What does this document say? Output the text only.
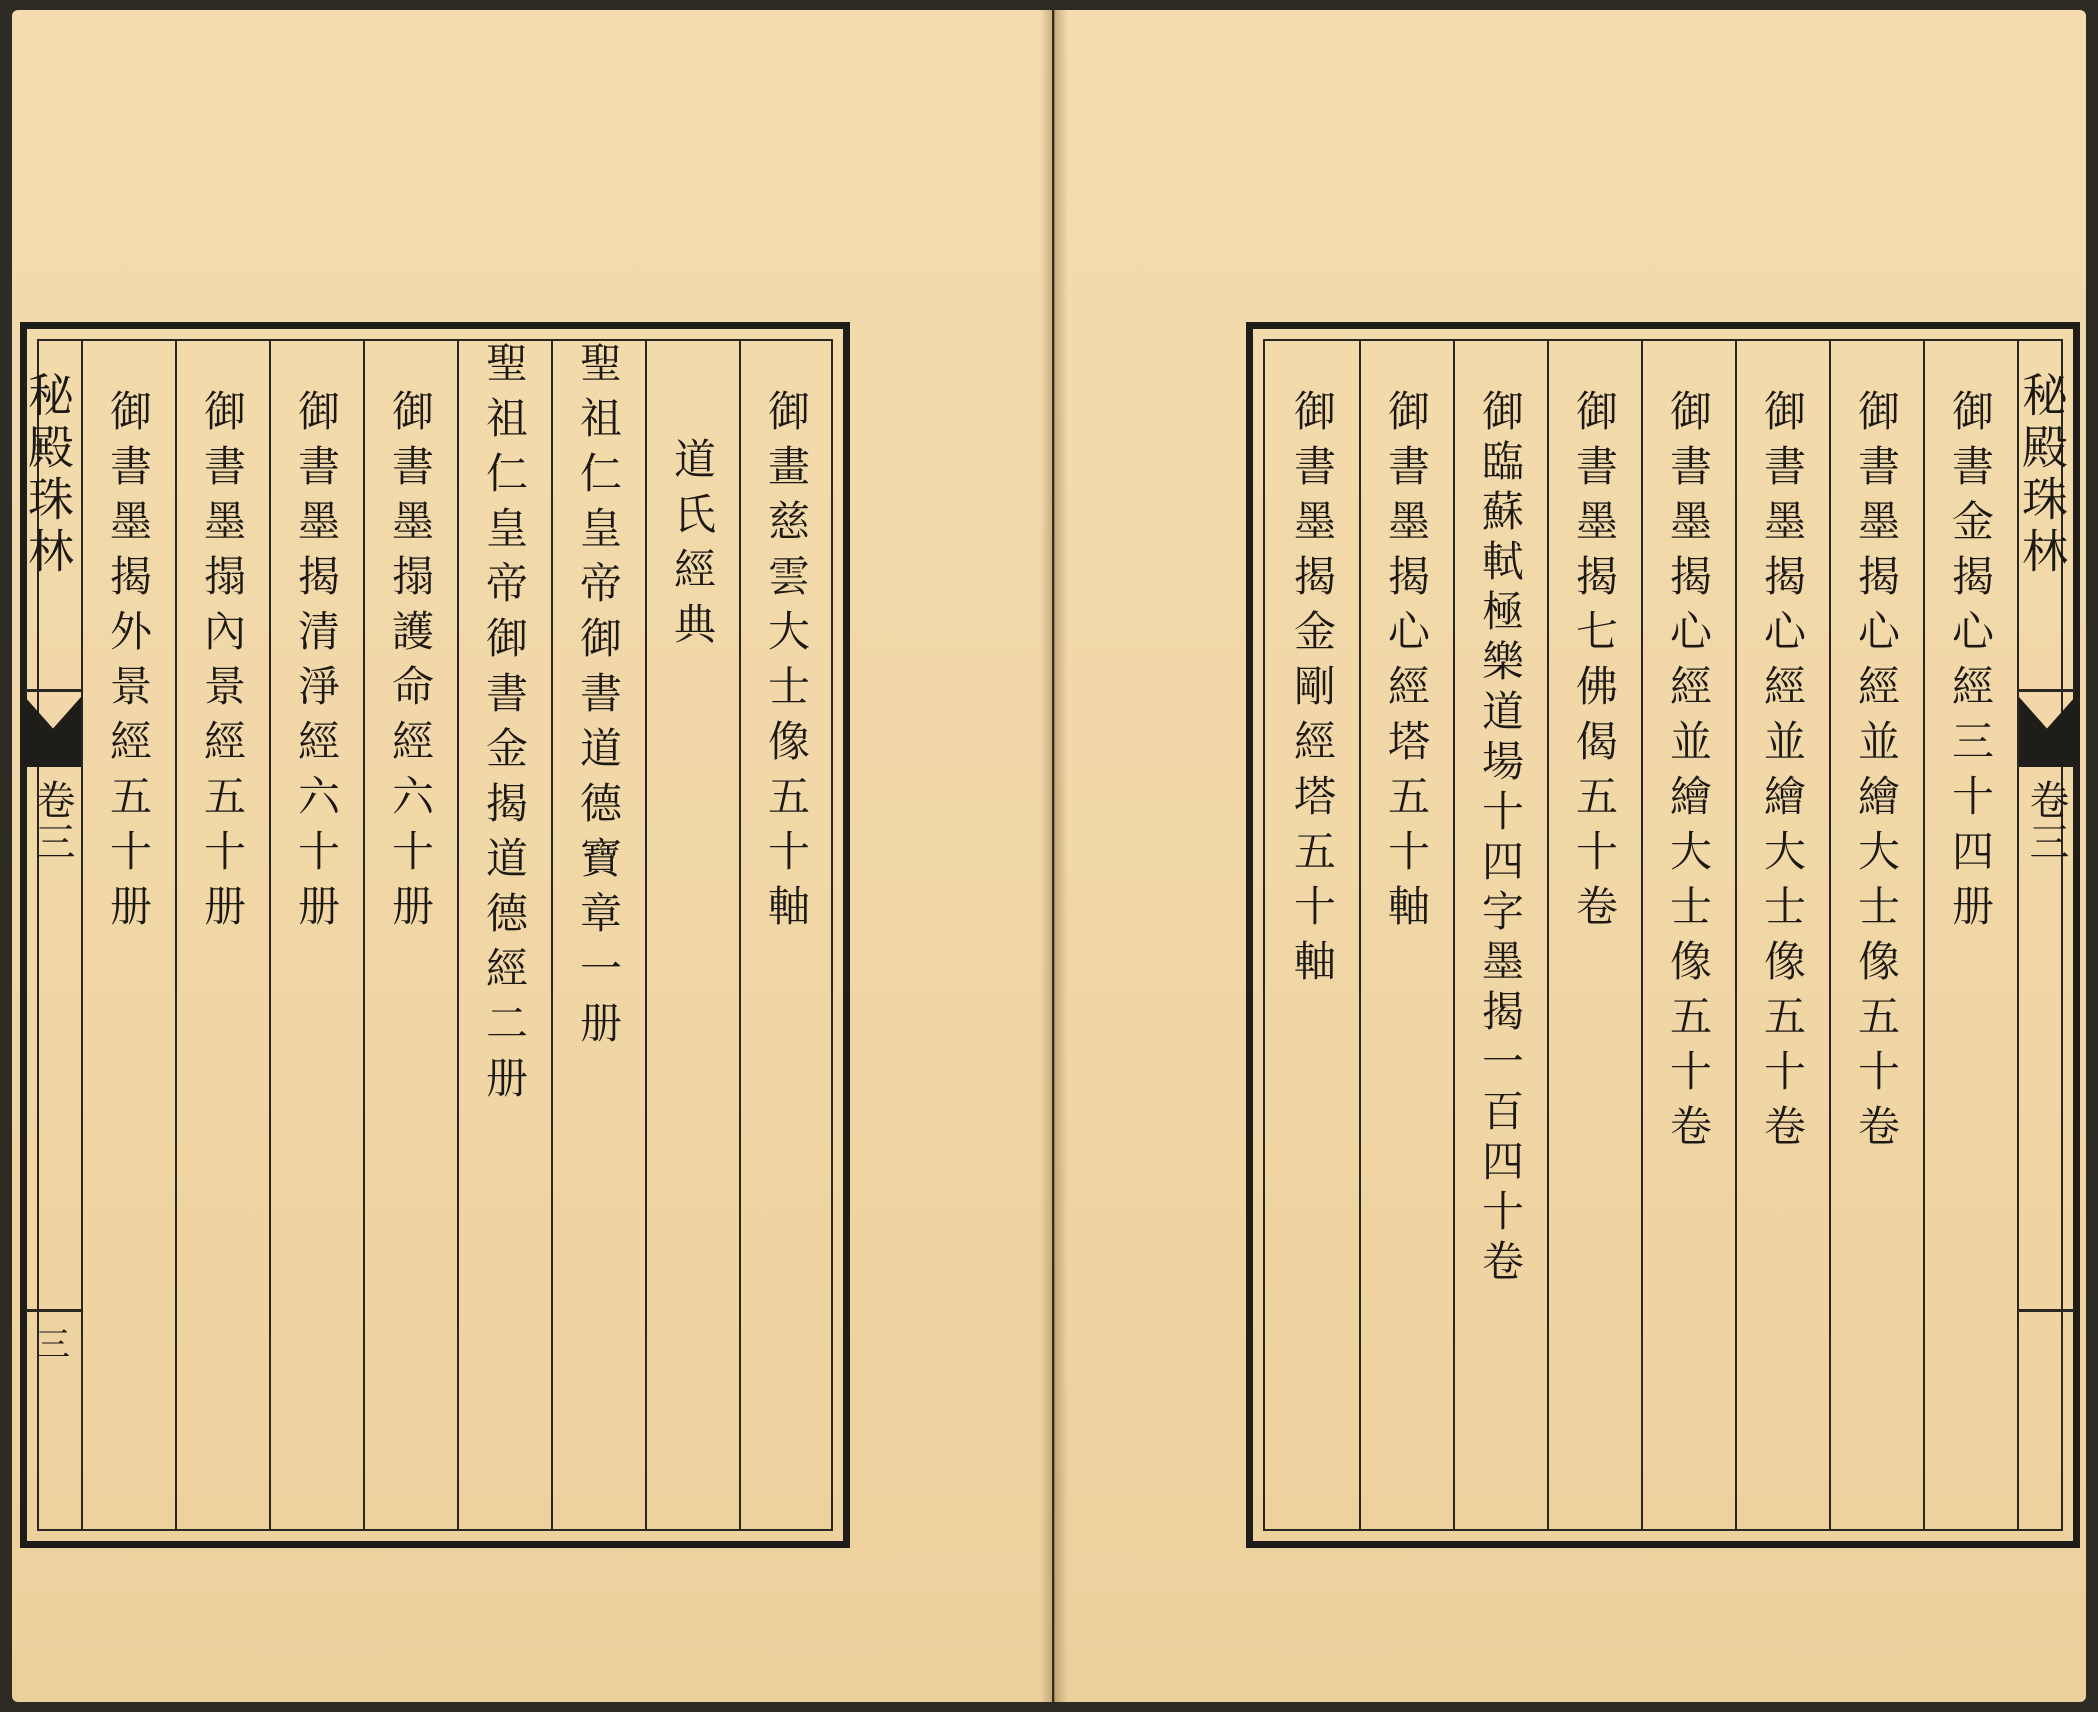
秘殿珠林
卷三
三
御書墨揭外景經五十册	御書墨搨內景經五十册	御書墨揭清淨經六十册	御書墨搨護命經六十册	聖祖仁皇帝御書金揭道德經二册	聖祖仁皇帝御書道德寶章一册	道氏經典	御畫慈雲大士像五十軸	御書墨揭金剛經塔五十軸	御書墨揭心經塔五十軸	御臨蘇軾極樂道場十四字墨揭一百四十卷	御書墨揭七佛偈五十卷	御書墨揭心經並繪大士像五十卷	御書墨揭心經並繪大士像五十卷	御書墨揭心經並繪大士像五十卷	御書金揭心經三十四册 秘殿珠林
卷三
